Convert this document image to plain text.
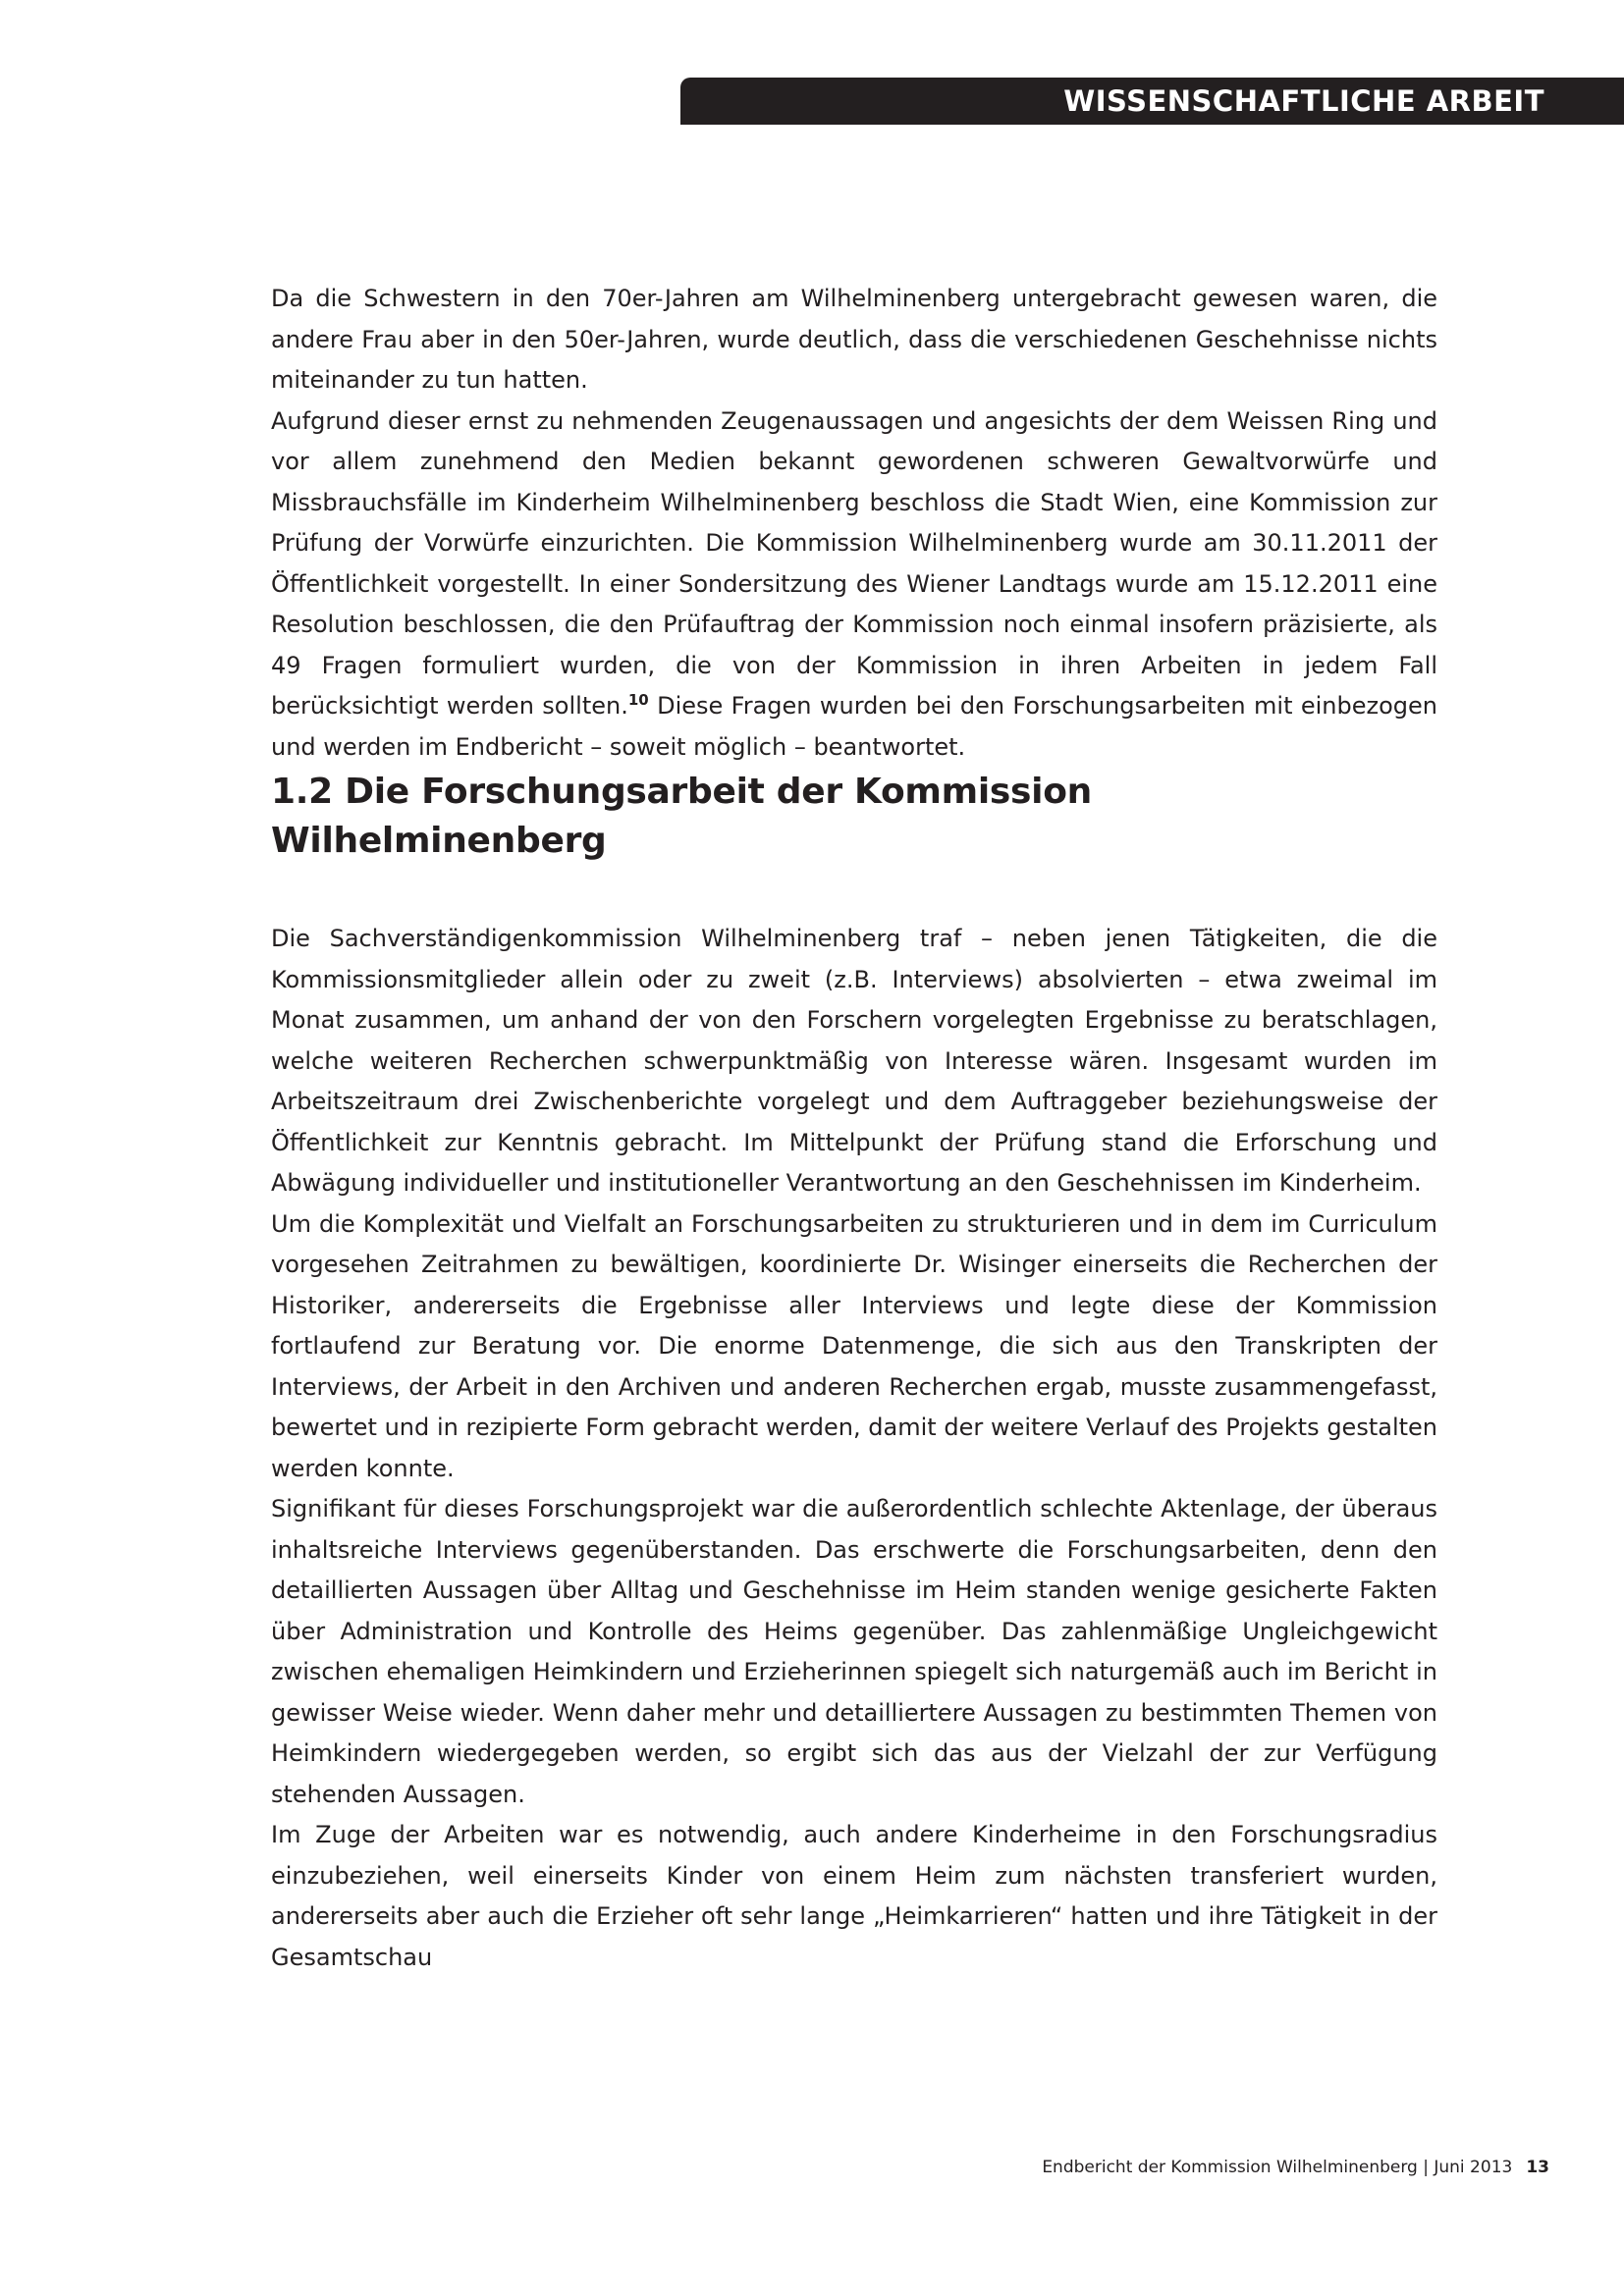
WISSENSCHAFTLICHE ARBEIT

Da die Schwestern in den 70er-Jahren am Wilhelminenberg untergebracht gewesen waren, die andere Frau aber in den 50er-Jahren, wurde deutlich, dass die verschiedenen Geschehnisse nichts miteinander zu tun hatten.

Aufgrund dieser ernst zu nehmenden Zeugenaussagen und angesichts der dem Weissen Ring und vor allem zunehmend den Medien bekannt gewordenen schweren Gewaltvorwürfe und Missbrauchsfälle im Kinderheim Wilhelminenberg beschloss die Stadt Wien, eine Kommission zur Prüfung der Vorwürfe einzurichten. Die Kommission Wilhelminenberg wurde am 30.11.2011 der Öffentlichkeit vorgestellt. In einer Sondersitzung des Wiener Landtags wurde am 15.12.2011 eine Resolution beschlossen, die den Prüfauftrag der Kommission noch einmal insofern präzisierte, als 49 Fragen formuliert wurden, die von der Kommission in ihren Arbeiten in jedem Fall berücksichtigt werden sollten.$^{10}$ Diese Fragen wurden bei den Forschungsarbeiten mit einbezogen und werden im Endbericht – soweit möglich – beantwortet.

1.2 Die Forschungsarbeit der Kommission Wilhelminenberg

Die Sachverständigenkommission Wilhelminenberg traf – neben jenen Tätigkeiten, die die Kommissionsmitglieder allein oder zu zweit (z.B. Interviews) absolvierten – etwa zweimal im Monat zusammen, um anhand der von den Forschern vorgelegten Ergebnisse zu beratschlagen, welche weiteren Recherchen schwerpunktmäßig von Interesse wären. Insgesamt wurden im Arbeitszeitraum drei Zwischenberichte vorgelegt und dem Auftraggeber beziehungsweise der Öffentlichkeit zur Kenntnis gebracht. Im Mittelpunkt der Prüfung stand die Erforschung und Abwägung individueller und institutioneller Verantwortung an den Geschehnissen im Kinderheim.

Um die Komplexität und Vielfalt an Forschungsarbeiten zu strukturieren und in dem im Curriculum vorgesehen Zeitrahmen zu bewältigen, koordinierte Dr. Wisinger einerseits die Recherchen der Historiker, andererseits die Ergebnisse aller Interviews und legte diese der Kommission fortlaufend zur Beratung vor. Die enorme Datenmenge, die sich aus den Transkripten der Interviews, der Arbeit in den Archiven und anderen Recherchen ergab, musste zusammengefasst, bewertet und in rezipierte Form gebracht werden, damit der weitere Verlauf des Projekts gestalten werden konnte.

Signifikant für dieses Forschungsprojekt war die außerordentlich schlechte Aktenlage, der überaus inhaltsreiche Interviews gegenüberstanden. Das erschwerte die Forschungsarbeiten, denn den detaillierten Aussagen über Alltag und Geschehnisse im Heim standen wenige gesicherte Fakten über Administration und Kontrolle des Heims gegenüber. Das zahlenmäßige Ungleichgewicht zwischen ehemaligen Heimkindern und Erzieherinnen spiegelt sich naturgemäß auch im Bericht in gewisser Weise wieder. Wenn daher mehr und detailliertere Aussagen zu bestimmten Themen von Heimkindern wiedergegeben werden, so ergibt sich das aus der Vielzahl der zur Verfügung stehenden Aussagen.

Im Zuge der Arbeiten war es notwendig, auch andere Kinderheime in den Forschungsradius einzubeziehen, weil einerseits Kinder von einem Heim zum nächsten transferiert wurden, andererseits aber auch die Erzieher oft sehr lange „Heimkarrieren“ hatten und ihre Tätigkeit in der Gesamtschau

Endbericht der Kommission Wilhelminenberg | Juni 2013 13
